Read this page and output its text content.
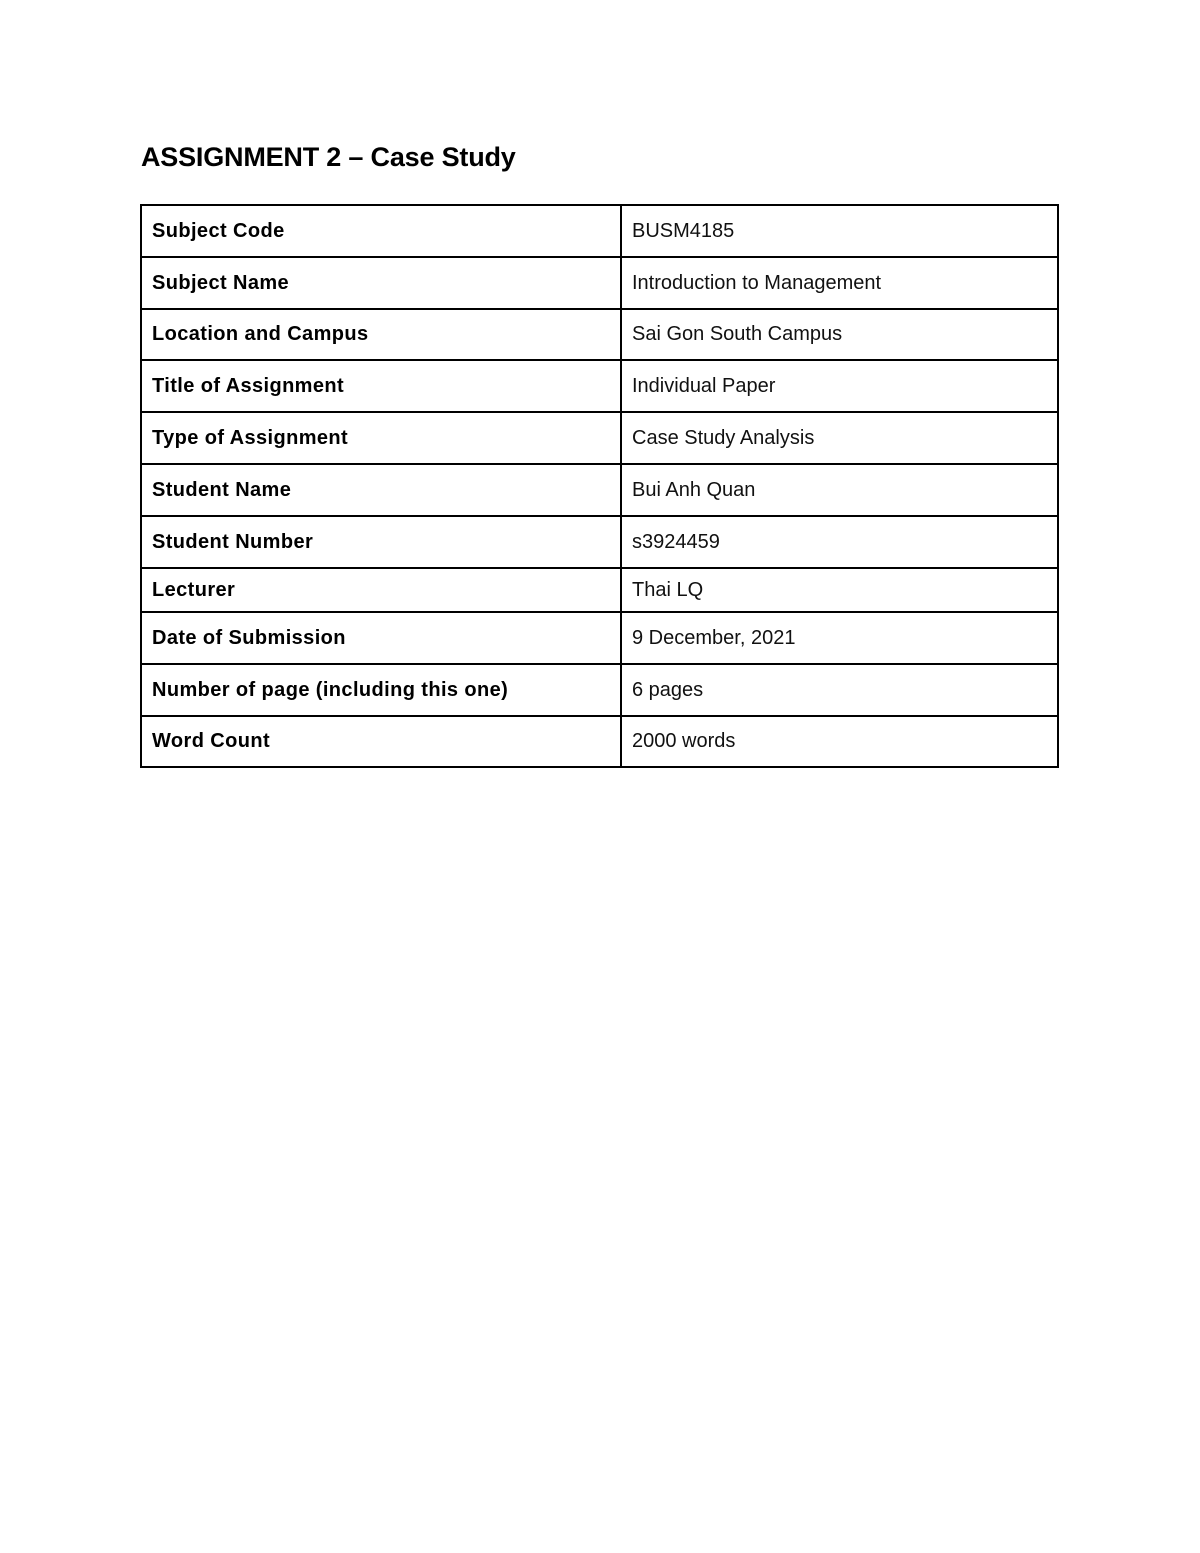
ASSIGNMENT 2 – Case Study
Subject Code	BUSM4185
Subject Name	Introduction to Management
Location and Campus	Sai Gon South Campus
Title of Assignment	Individual Paper
Type of Assignment	Case Study Analysis
Student Name	Bui Anh Quan
Student Number	s3924459
Lecturer	Thai LQ
Date of Submission	9 December, 2021
Number of page (including this one)	6 pages
Word Count	2000 words
